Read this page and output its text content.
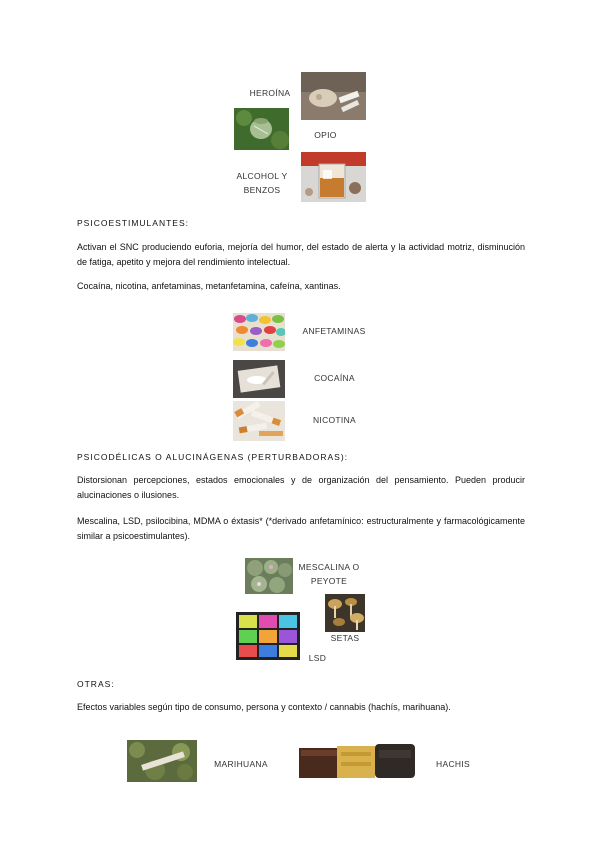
HEROÍNA
OPIO
ALCOHOL Y
BENZOS
PSICOESTIMULANTES:
Activan el SNC produciendo euforia, mejoría del humor, del estado de alerta y la actividad motriz, disminución de fatiga, apetito y mejora del rendimiento intelectual.
Cocaína, nicotina, anfetaminas, metanfetamina, cafeína, xantinas.
ANFETAMINAS
COCAÍNA
NICOTINA
PSICODÉLICAS O ALUCINÁGENAS (PERTURBADORAS):
Distorsionan percepciones, estados emocionales y de organización del pensamiento. Pueden producir alucinaciones o ilusiones.
Mescalina, LSD, psilocibina, MDMA o éxtasis* (*derivado anfetamínico: estructuralmente y farmacológicamente similar a psicoestimulantes).
MESCALINA O
PEYOTE
SETAS
LSD
OTRAS:
Efectos variables según tipo de consumo, persona y contexto / cannabis (hachís, marihuana).
MARIHUANA	HACHIS
